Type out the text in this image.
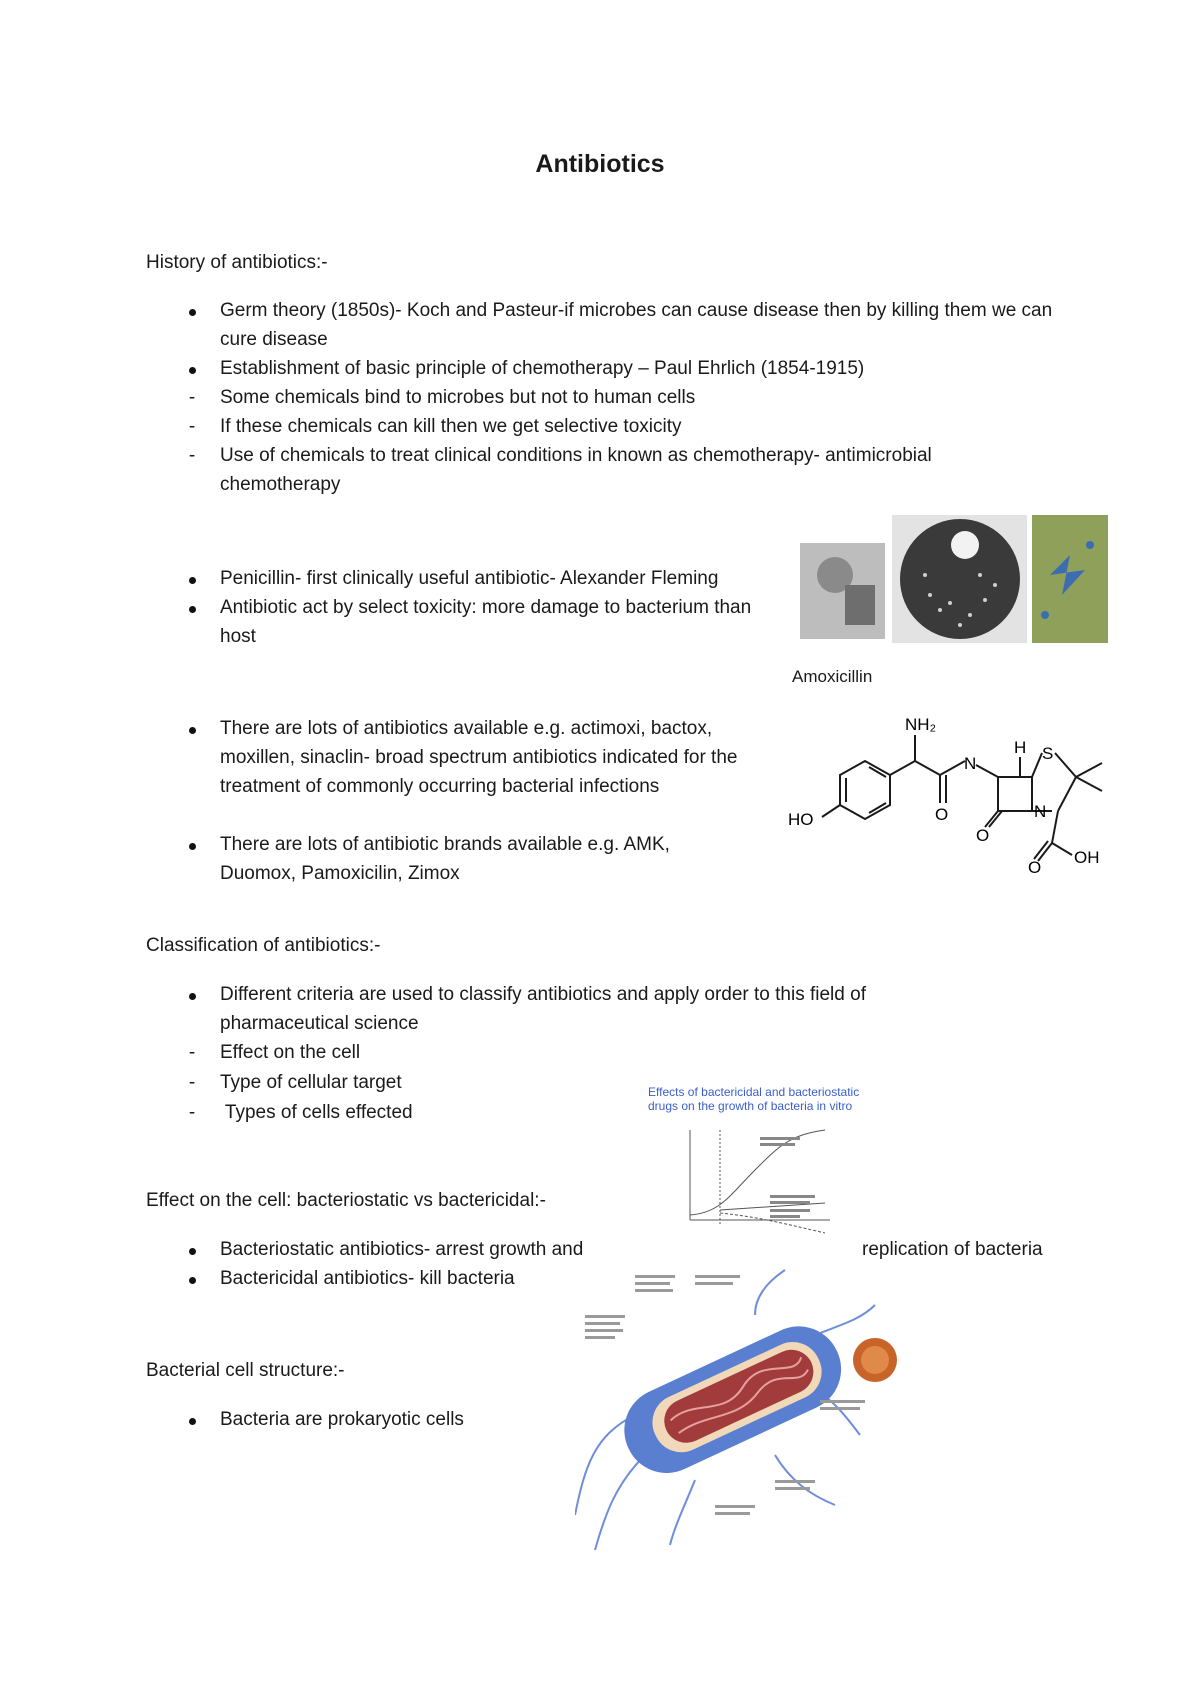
Antibiotics
History of antibiotics:-
Germ theory (1850s)- Koch and Pasteur-if microbes can cause disease then by killing them we can cure disease
Establishment of basic principle of chemotherapy – Paul Ehrlich (1854-1915)
-	Some chemicals bind to microbes but not to human cells
-	If these chemicals can kill then we get selective toxicity
-	Use of chemicals to treat clinical conditions in known as chemotherapy- antimicrobial chemotherapy
Penicillin- first clinically useful antibiotic- Alexander Fleming
Antibiotic act by select toxicity: more damage to bacterium than host
There are lots of antibiotics available e.g. actimoxi, bactox, moxillen, sinaclin- broad spectrum antibiotics indicated for the treatment of commonly occurring bacterial infections
There are lots of antibiotic brands available e.g. AMK, Duomox, Pamoxicilin, Zimox
Classification of antibiotics:-
Different criteria are used to classify antibiotics and apply order to this field of pharmaceutical science
-	Effect on the cell
-	Type of cellular target
-	Types of cells effected
Effect on the cell: bacteriostatic vs bactericidal:-
Bacteriostatic antibiotics- arrest growth and	replication of bacteria
Bactericidal antibiotics- kill bacteria
Bacterial cell structure:-
Bacteria are prokaryotic cells
Amoxicillin
NH₂
N
H S
N
HO	O
O
O
OH
Effects of bactericidal and bacteriostatic
drugs on the growth of bacteria in vitro
